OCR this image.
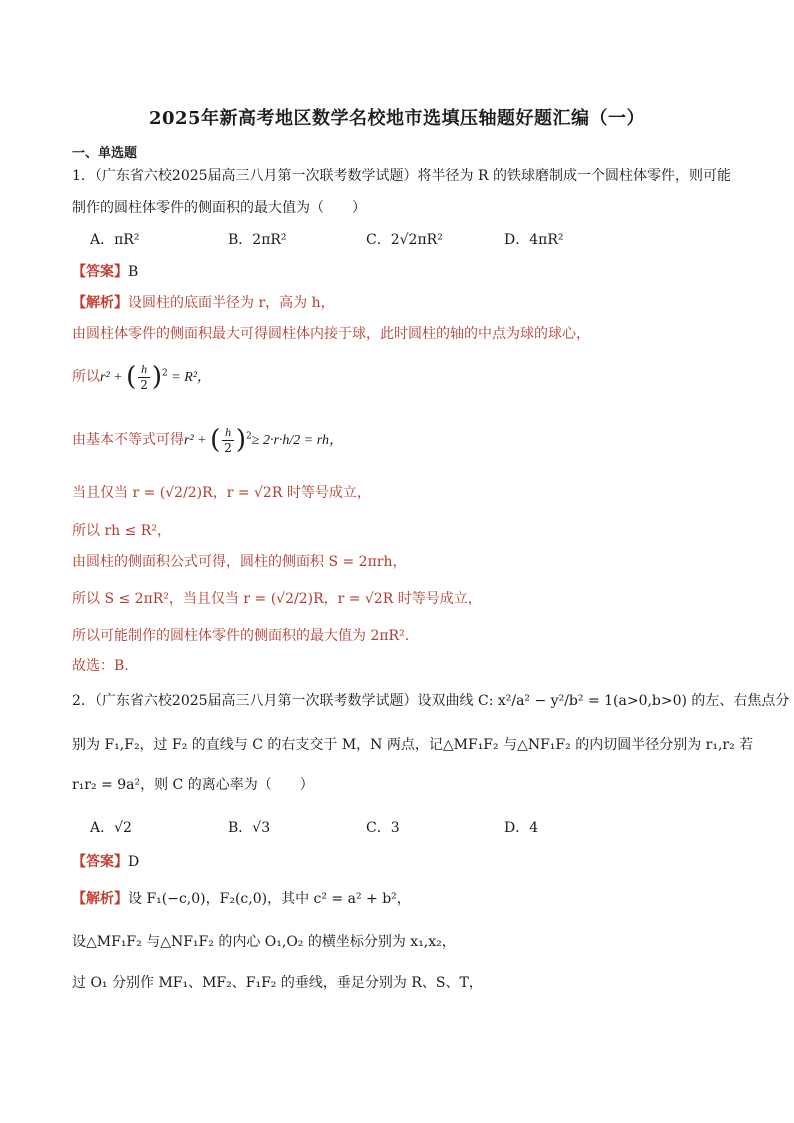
2025年新高考地区数学名校地市选填压轴题好题汇编（一）
一、单选题
1．（广东省六校2025届高三八月第一次联考数学试题）将半径为 R 的铁球磨制成一个圆柱体零件，则可能
制作的圆柱体零件的侧面积的最大值为（　　）
A．πR²	B．2πR²	C．2√2πR²	D．4πR²
【答案】B
【解析】设圆柱的底面半径为 r，高为 h，
由圆柱体零件的侧面积最大可得圆柱体内接于球，此时圆柱的轴的中点为球的球心，
所以r² + ( $\frac{h}{2} )^2 = R^2$，
由基本不等式可得r² + ( $\frac{h}{2} )^2\ge 2\cdot r\cdot h/2$ = rh，
当且仅当 r = (√2/2)R，r = √2R 时等号成立，
所以 rh ≤ R²，
由圆柱的侧面积公式可得，圆柱的侧面积 S = 2πrh，
所以 S ≤ 2πR²，当且仅当 r = (√2/2)R，r = √2R 时等号成立，
所以可能制作的圆柱体零件的侧面积的最大值为 2πR².
故选：B.
2．（广东省六校2025届高三八月第一次联考数学试题）设双曲线 C: x²/a² − y²/b² = 1(a>0,b>0) 的左、右焦点分
别为 F₁,F₂，过 F₂ 的直线与 C 的右支交于 M，N 两点，记△MF₁F₂ 与△NF₁F₂ 的内切圆半径分别为 r₁,r₂ 若
r₁r₂ = 9a²，则 C 的离心率为（　　）
A．√2	B．√3	C．3	D．4
【答案】D
【解析】设 F₁(−c,0)，F₂(c,0)，其中 c² = a² + b²，
设△MF₁F₂ 与△NF₁F₂ 的内心 O₁,O₂ 的横坐标分别为 x₁,x₂，
过 O₁ 分别作 MF₁、MF₂、F₁F₂ 的垂线，垂足分别为 R、S、T，
